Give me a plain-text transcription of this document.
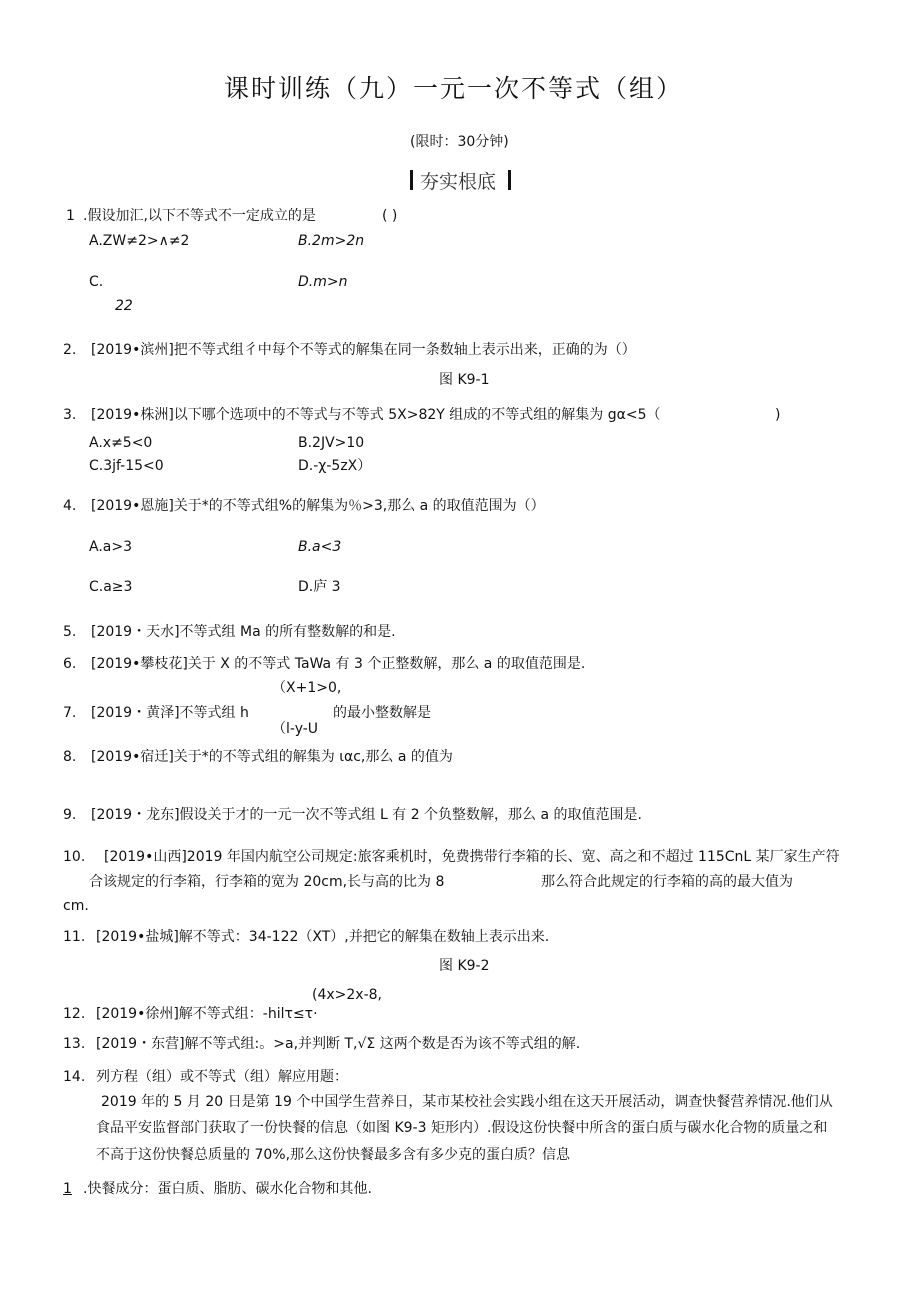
课时训练（九）一元一次不等式（组）
(限时：30分钟)
夯实根底
1 .假设加汇,以下不等式不一定成立的是	( )
A.ZW≠2>∧≠2	B.2m>2n
C.	D.m>n
22
2. [2019•滨州]把不等式组彳中每个不等式的解集在同一条数轴上表示出来，正确的为（）
图 K9-1
3. [2019•株洲]以下哪个选项中的不等式与不等式 5X>82Y 组成的不等式组的解集为 gα<5（	)
A.x≠5<0	B.2JV>10
C.3jf-15<0	D.-χ-5zX）
4. [2019•恩施]关于*的不等式组%的解集为％>3,那么 a 的取值范围为（）
A.a>3	B.a<3
C.a≥3	D.庐 3
5. [2019・天水]不等式组 Ma 的所有整数解的和是.
6. [2019•攀枝花]关于 X 的不等式 TaWa 有 3 个正整数解，那么 a 的取值范围是.
（X+1>0,
7. [2019・黄泽]不等式组 h	的最小整数解是
（l-y-U
8. [2019•宿迁]关于*的不等式组的解集为 ιαc,那么 a 的值为
9. [2019・龙东]假设关于才的一元一次不等式组 L 有 2 个负整数解，那么 a 的取值范围是.
10. [2019•山西]2019 年国内航空公司规定:旅客乘机时，免费携带行李箱的长、宽、高之和不超过 115CnL 某厂家生产符
合该规定的行李箱，行李箱的宽为 20cm,长与高的比为 8	那么符合此规定的行李箱的高的最大值为
cm.
11. [2019•盐城]解不等式：34-122（XT）,并把它的解集在数轴上表示出来.
图 K9-2
(4x>2x-8,
12. [2019•徐州]解不等式组：-hilτ≤τ·
13. [2019・东营]解不等式组:。>a,并判断 T,√Σ 这两个数是否为该不等式组的解.
14. 列方程（组）或不等式（组）解应用题：
2019 年的 5 月 20 日是第 19 个中国学生营养日，某市某校社会实践小组在这天开展活动，调查快餐营养情况.他们从
食品平安监督部门获取了一份快餐的信息（如图 K9-3 矩形内）.假设这份快餐中所含的蛋白质与碳水化合物的质量之和
不高于这份快餐总质量的 70%,那么这份快餐最多含有多少克的蛋白质？信息
1 .快餐成分：蛋白质、脂肪、碳水化合物和其他.
